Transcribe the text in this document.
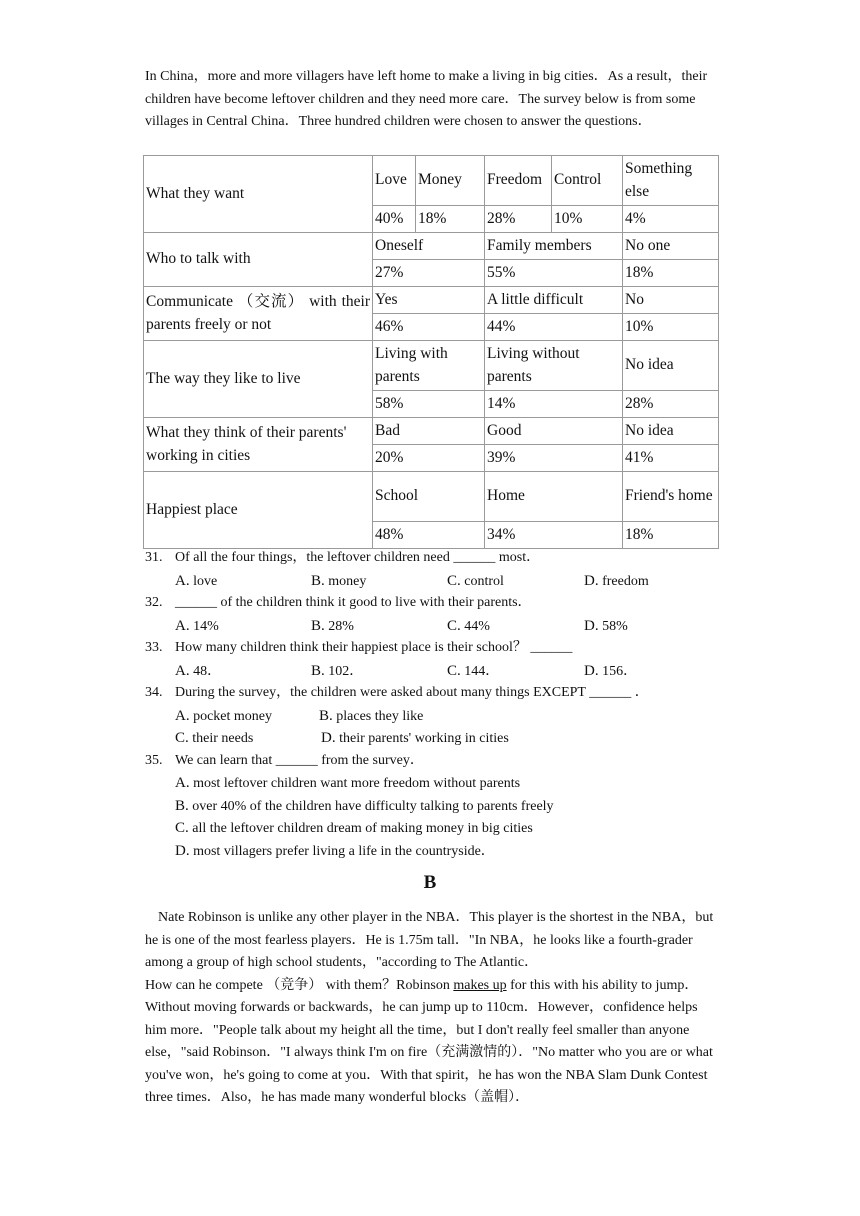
In China，more and more villagers have left home to make a living in big cities．As a result，their children have become leftover children and they need more care．The survey below is from some villages in Central China．Three hundred children were chosen to answer the questions．

What they want	Love	Money	Freedom	Control	Something else
	40%	18%	28%	10%	4%
Who to talk with	Oneself		Family members		No one
	27%		55%		18%
Communicate （交流） with their parents freely or not	Yes		A little difficult		No
	46%		44%		10%
The way they like to live	Living with parents		Living without parents		No idea
	58%		14%		28%
What they think of their parents' working in cities	Bad		Good		No idea
	20%		39%		41%
Happiest place	School		Home		Friend's home
	48%		34%		18%
31. Of all the four things，the leftover children need ______ most．
A. love	B. money	C. control	D. freedom
32. ______ of the children think it good to live with their parents．
A. 14%	B. 28%	C. 44%	D. 58%
33. How many children think their happiest place is their school？ ______
A. 48．	B. 102．	C. 144．	D. 156．
34. During the survey，the children were asked about many things EXCEPT ______ ．
A. pocket money	B. places they like
C. their needs	D. their parents' working in cities
35. We can learn that ______ from the survey．
A. most leftover children want more freedom without parents
B. over 40% of the children have difficulty talking to parents freely
C. all the leftover children dream of making money in big cities
D. most villagers prefer living a life in the countryside．
B
Nate Robinson is unlike any other player in the NBA．This player is the shortest in the NBA，but he is one of the most fearless players．He is 1.75m tall．"In NBA，he looks like a fourth-grader among a group of high school students，"according to The Atlantic．
How can he compete （竞争） with them？Robinson makes up for this with his ability to jump．Without moving forwards or backwards，he can jump up to 110cm．However，confidence helps him more．"People talk about my height all the time，but I don't really feel smaller than anyone else，"said Robinson．"I always think I'm on fire（充满激情的）．"No matter who you are or what you've won，he's going to come at you．With that spirit，he has won the NBA Slam Dunk Contest three times．Also，he has made many wonderful blocks（盖帽）．
